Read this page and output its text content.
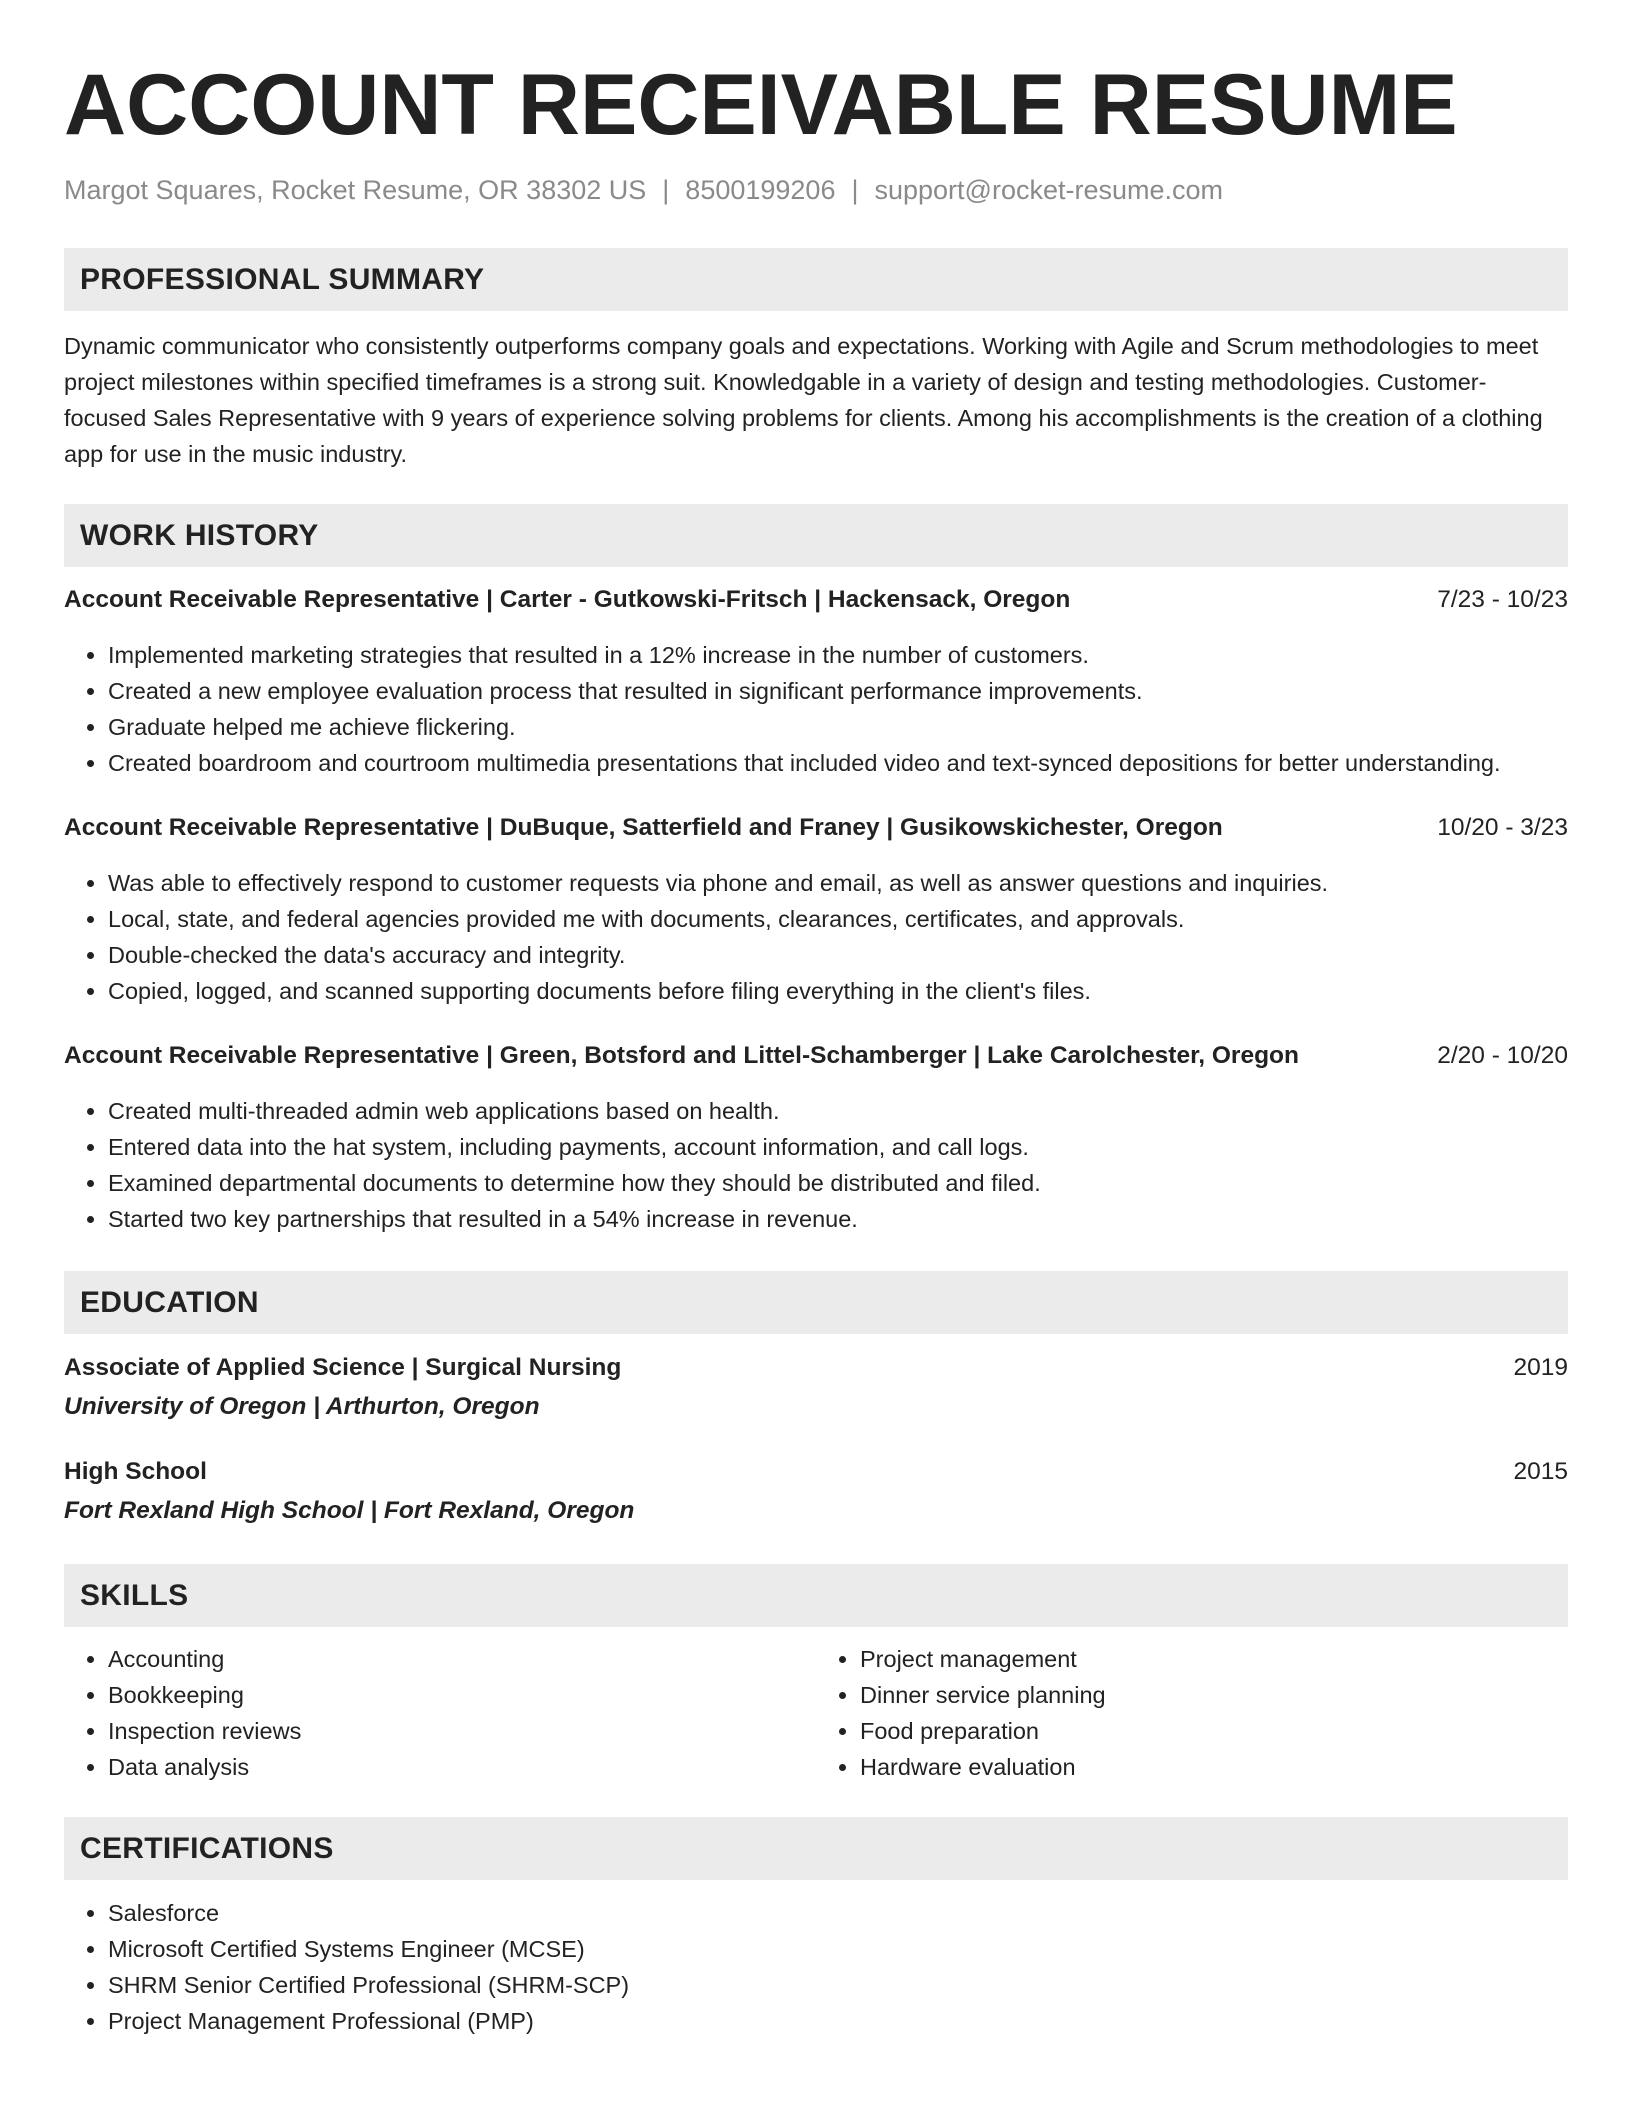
ACCOUNT RECEIVABLE RESUME
Margot Squares, Rocket Resume, OR 38302 US | 8500199206 | support@rocket-resume.com
PROFESSIONAL SUMMARY

Dynamic communicator who consistently outperforms company goals and expectations. Working with Agile and Scrum methodologies to meet project milestones within specified timeframes is a strong suit. Knowledgable in a variety of design and testing methodologies. Customer-focused Sales Representative with 9 years of experience solving problems for clients. Among his accomplishments is the creation of a clothing app for use in the music industry.

WORK HISTORY
Account Receivable Representative | Carter - Gutkowski-Fritsch | Hackensack, Oregon	7/23 - 10/23
• Implemented marketing strategies that resulted in a 12% increase in the number of customers.
• Created a new employee evaluation process that resulted in significant performance improvements.
• Graduate helped me achieve flickering.
• Created boardroom and courtroom multimedia presentations that included video and text-synced depositions for better understanding.
Account Receivable Representative | DuBuque, Satterfield and Franey | Gusikowskichester, Oregon	10/20 - 3/23
• Was able to effectively respond to customer requests via phone and email, as well as answer questions and inquiries.
• Local, state, and federal agencies provided me with documents, clearances, certificates, and approvals.
• Double-checked the data's accuracy and integrity.
• Copied, logged, and scanned supporting documents before filing everything in the client's files.
Account Receivable Representative | Green, Botsford and Littel-Schamberger | Lake Carolchester, Oregon	2/20 - 10/20
• Created multi-threaded admin web applications based on health.
• Entered data into the hat system, including payments, account information, and call logs.
• Examined departmental documents to determine how they should be distributed and filed.
• Started two key partnerships that resulted in a 54% increase in revenue.
EDUCATION
Associate of Applied Science | Surgical Nursing	2019
University of Oregon | Arthurton, Oregon
High School	2015
Fort Rexland High School | Fort Rexland, Oregon
SKILLS
• Accounting
• Bookkeeping
• Inspection reviews
• Data analysis
• Project management
• Dinner service planning
• Food preparation
• Hardware evaluation
CERTIFICATIONS
• Salesforce
• Microsoft Certified Systems Engineer (MCSE)
• SHRM Senior Certified Professional (SHRM-SCP)
• Project Management Professional (PMP)
